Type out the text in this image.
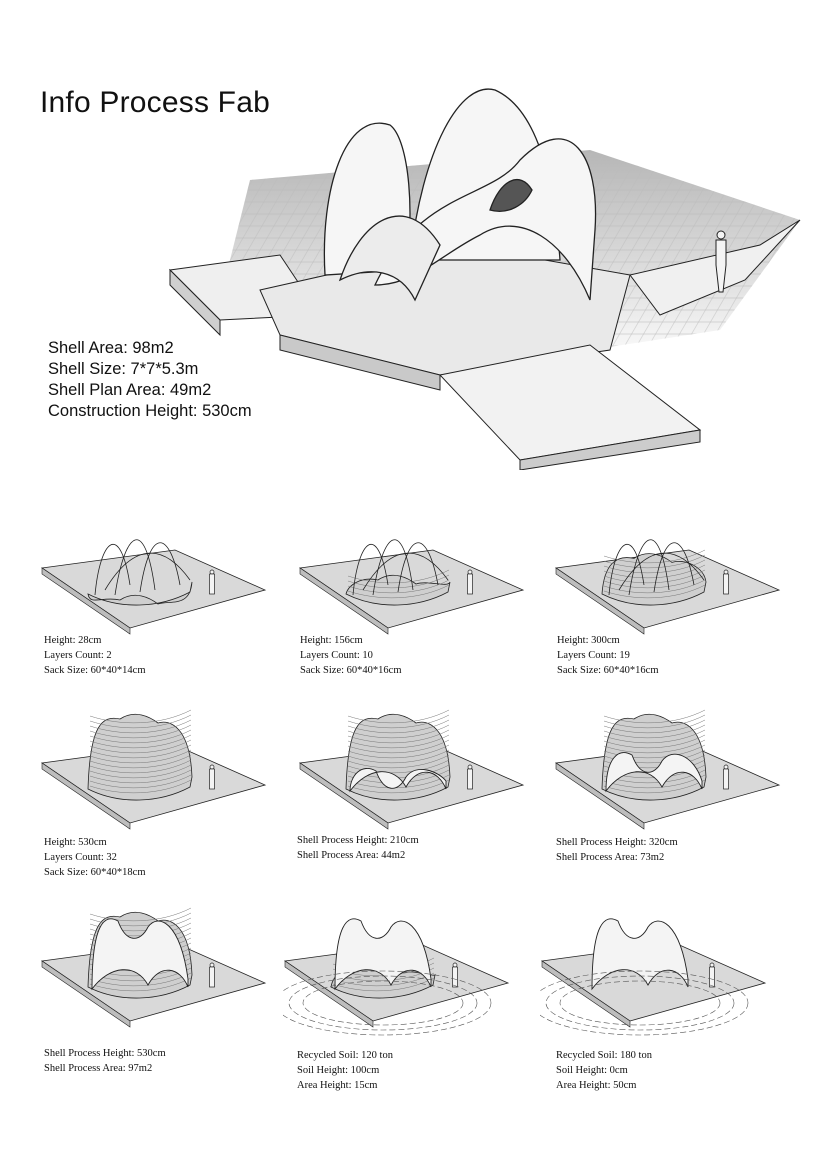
Info Process Fab
Shell Area: 98m2
Shell Size: 7*7*5.3m
Shell Plan Area: 49m2
Construction Height: 530cm
Height: 28cm
Layers Count: 2
Sack Size: 60*40*14cm
Height: 156cm
Layers Count: 10
Sack Size: 60*40*16cm
Height: 300cm
Layers Count: 19
Sack Size: 60*40*16cm
Height: 530cm
Layers Count: 32
Sack Size: 60*40*18cm
Shell Process Height: 210cm
Shell Process Area: 44m2
Shell Process Height: 320cm
Shell Process Area: 73m2
Shell Process Height: 530cm
Shell Process Area: 97m2
Recycled Soil: 120 ton
Soil Height: 100cm
Area Height: 15cm
Recycled Soil: 180 ton
Soil Height: 0cm
Area Height: 50cm
